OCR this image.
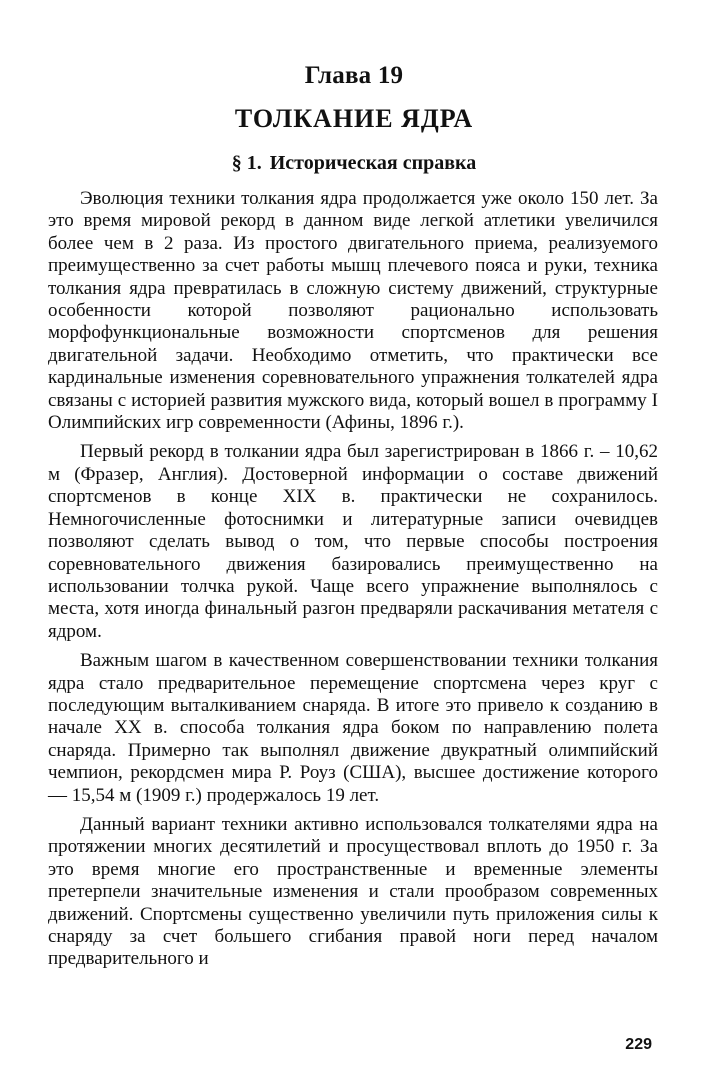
Глава 19
ТОЛКАНИЕ ЯДРА
§ 1. Историческая справка

Эволюция техники толкания ядра продолжается уже около 150 лет. За это время мировой рекорд в данном виде легкой атлетики увеличился более чем в 2 раза. Из простого двигательного приема, реализуемого преимущественно за счет работы мышц плечевого пояса и руки, техника толкания ядра превратилась в сложную систему движений, структурные особенности которой позволяют рационально использовать морфофункциональные возможности спортсменов для решения двигательной задачи. Необходимо отметить, что практически все кардинальные изменения соревновательного упражнения толкателей ядра связаны с историей развития мужского вида, который вошел в программу I Олимпийских игр современности (Афины, 1896 г.).

Первый рекорд в толкании ядра был зарегистрирован в 1866 г. – 10,62 м (Фразер, Англия). Достоверной информации о составе движений спортсменов в конце XIX в. практически не сохранилось. Немногочисленные фотоснимки и литературные записи очевидцев позволяют сделать вывод о том, что первые способы построения соревновательного движения базировались преимущественно на использовании толчка рукой. Чаще всего упражнение выполнялось с места, хотя иногда финальный разгон предваряли раскачивания метателя с ядром.

Важным шагом в качественном совершенствовании техники толкания ядра стало предварительное перемещение спортсмена через круг с последующим выталкиванием снаряда. В итоге это привело к созданию в начале XX в. способа толкания ядра боком по направлению полета снаряда. Примерно так выполнял движение двукратный олимпийский чемпион, рекордсмен мира Р. Роуз (США), высшее достижение которого — 15,54 м (1909 г.) продержалось 19 лет.

Данный вариант техники активно использовался толкателями ядра на протяжении многих десятилетий и просуществовал вплоть до 1950 г. За это время многие его пространственные и временные элементы претерпели значительные изменения и стали прообразом современных движений. Спортсмены существенно увеличили путь приложения силы к снаряду за счет большего сгибания правой ноги перед началом предварительного и

229
